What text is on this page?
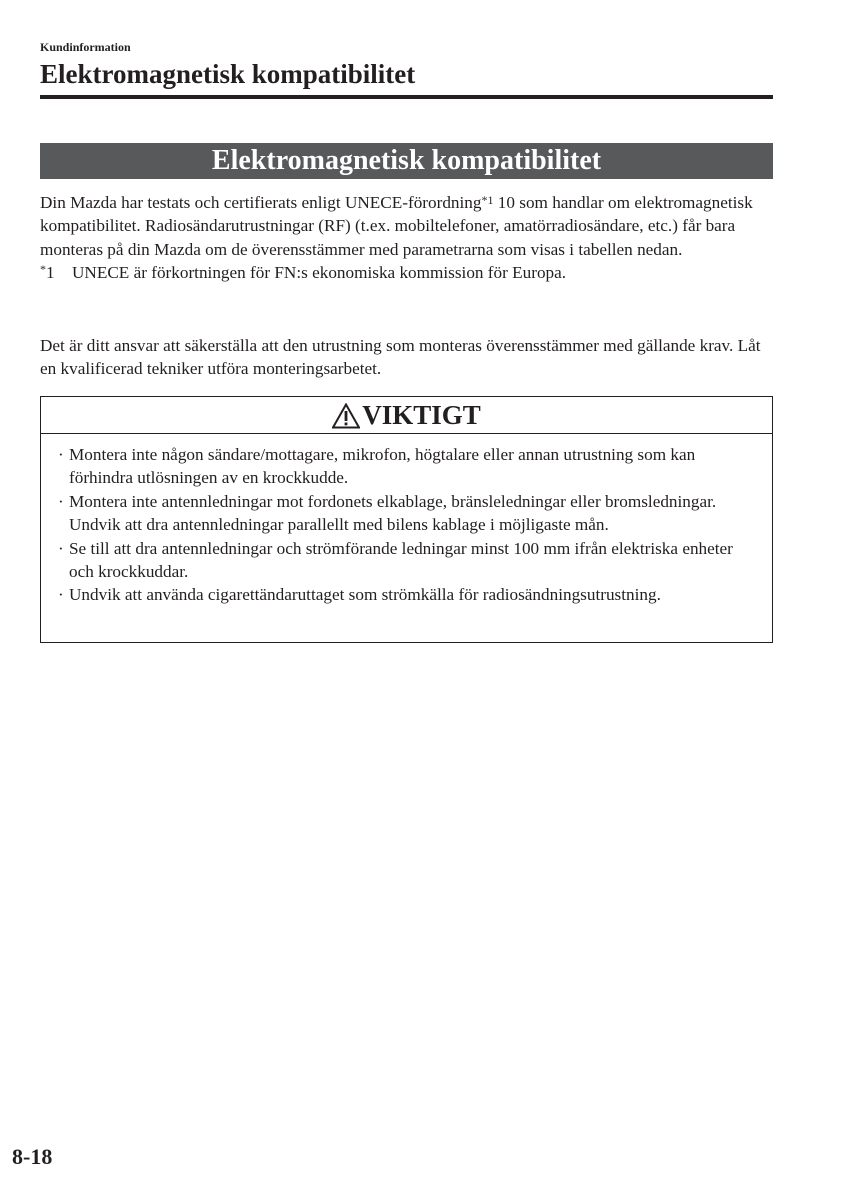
Kundinformation
Elektromagnetisk kompatibilitet
Elektromagnetisk kompatibilitet

Din Mazda har testats och certifierats enligt UNECE-förordning$^{*1}$ 10 som handlar om elektromagnetisk kompatibilitet. Radiosändarutrustningar (RF) (t.ex. mobiltelefoner, amatörradiosändare, etc.) får bara monteras på din Mazda om de överensstämmer med parametrarna som visas i tabellen nedan.

*1	UNECE är förkortningen för FN:s ekonomiska kommission för Europa.

Det är ditt ansvar att säkerställa att den utrustning som monteras överensstämmer med gällande krav. Låt en kvalificerad tekniker utföra monteringsarbetet.

VIKTIGT
· Montera inte någon sändare/mottagare, mikrofon, högtalare eller annan utrustning som kan förhindra utlösningen av en krockkudde.
· Montera inte antennledningar mot fordonets elkablage, bränsleledningar eller bromsledningar. Undvik att dra antennledningar parallellt med bilens kablage i möjligaste mån.
· Se till att dra antennledningar och strömförande ledningar minst 100 mm ifrån elektriska enheter och krockkuddar.
· Undvik att använda cigarettändaruttaget som strömkälla för radiosändningsutrustning.
8-18
